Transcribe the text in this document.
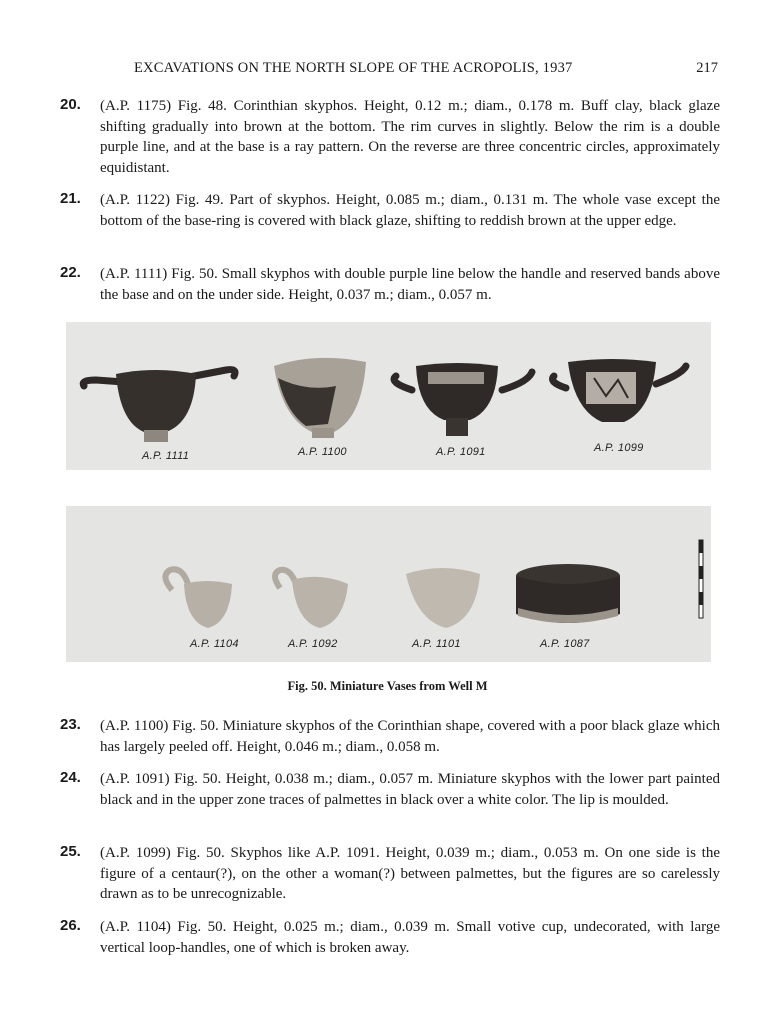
EXCAVATIONS ON THE NORTH SLOPE OF THE ACROPOLIS, 1937	217
20.	(A.P. 1175) Fig. 48. Corinthian skyphos. Height, 0.12 m.; diam., 0.178 m. Buff clay, black glaze shifting gradually into brown at the bottom. The rim curves in slightly. Below the rim is a double purple line, and at the base is a ray pattern. On the reverse are three concentric circles, approximately equidistant.
21.	(A.P. 1122) Fig. 49. Part of skyphos. Height, 0.085 m.; diam., 0.131 m. The whole vase except the bottom of the base-ring is covered with black glaze, shifting to reddish brown at the upper edge.
22.	(A.P. 1111) Fig. 50. Small skyphos with double purple line below the handle and reserved bands above the base and on the under side. Height, 0.037 m.; diam., 0.057 m.
A.P. 1111	A.P. 1100	A.P. 1091	A.P. 1099
A.P. 1104	A.P. 1092	A.P. 1101	A.P. 1087
Fig. 50. Miniature Vases from Well M
23.	(A.P. 1100) Fig. 50. Miniature skyphos of the Corinthian shape, covered with a poor black glaze which has largely peeled off. Height, 0.046 m.; diam., 0.058 m.
24.	(A.P. 1091) Fig. 50. Height, 0.038 m.; diam., 0.057 m. Miniature skyphos with the lower part painted black and in the upper zone traces of palmettes in black over a white color. The lip is moulded.
25.	(A.P. 1099) Fig. 50. Skyphos like A.P. 1091. Height, 0.039 m.; diam., 0.053 m. On one side is the figure of a centaur(?), on the other a woman(?) between palmettes, but the figures are so carelessly drawn as to be unrecognizable.
26.	(A.P. 1104) Fig. 50. Height, 0.025 m.; diam., 0.039 m. Small votive cup, undecorated, with large vertical loop-handles, one of which is broken away.
